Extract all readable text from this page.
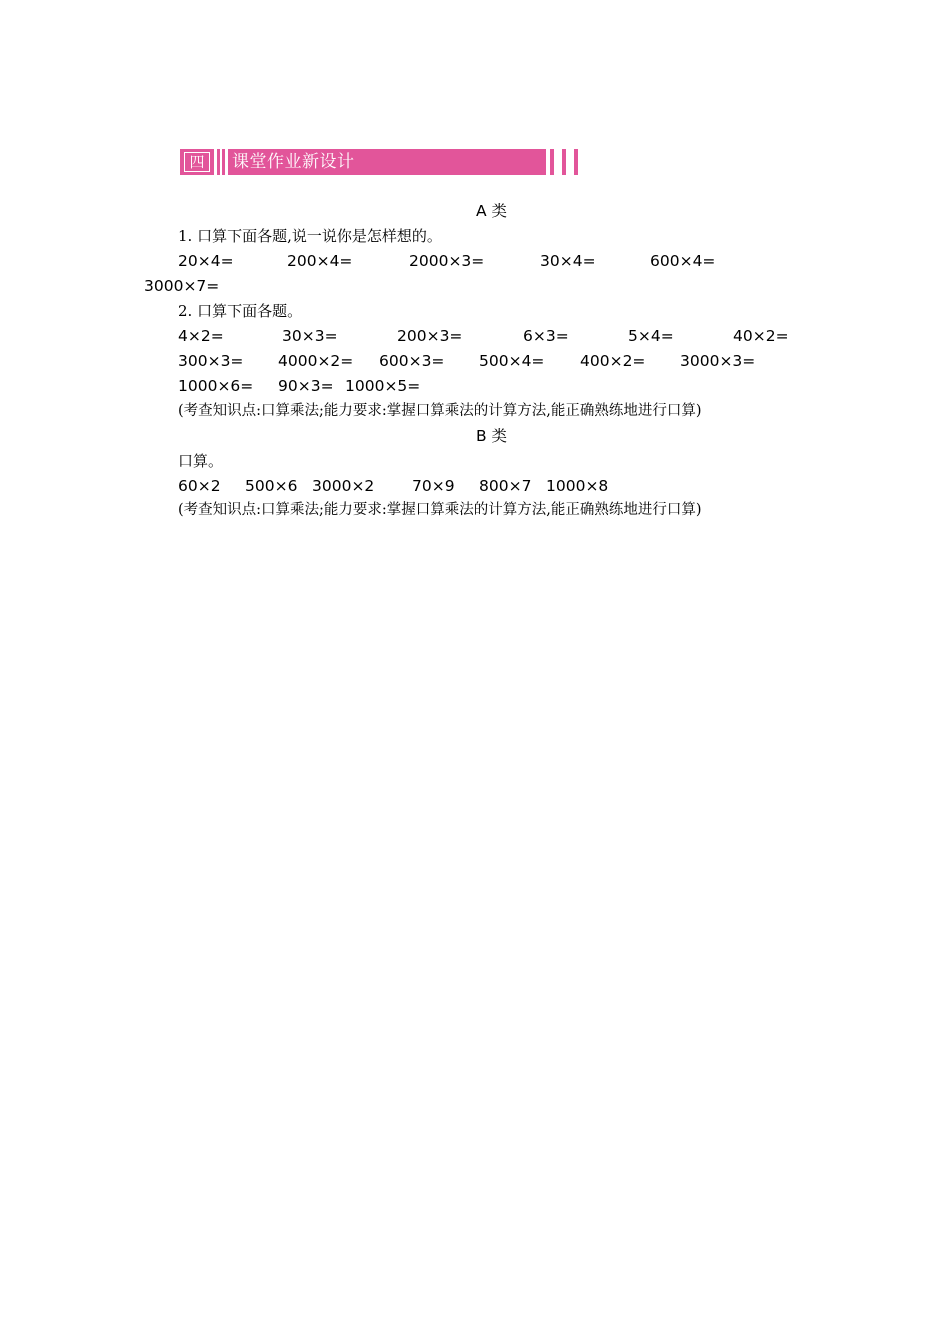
四	课堂作业新设计
A 类
1. 口算下面各题,说一说你是怎样想的。
20×4=	200×4=	2000×3=	30×4=	600×4=
3000×7=
2. 口算下面各题。
4×2=	30×3=	200×3=	6×3=	5×4=	40×2=
300×3= 4000×2= 600×3= 500×4= 400×2= 3000×3=
1000×6= 90×3= 1000×5=
(考查知识点:口算乘法;能力要求:掌握口算乘法的计算方法,能正确熟练地进行口算)
B 类
口算。
60×2 500×6 3000×2 70×9 800×7 1000×8
(考查知识点:口算乘法;能力要求:掌握口算乘法的计算方法,能正确熟练地进行口算)
